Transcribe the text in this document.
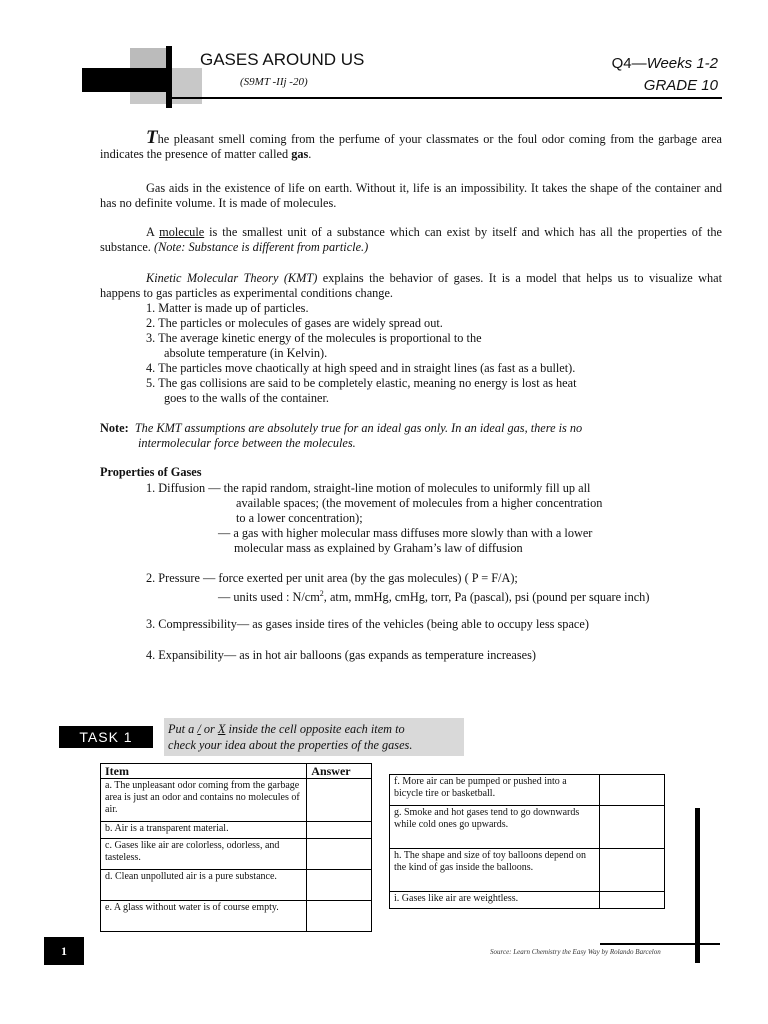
GASES AROUND US
(S9MT -IIj -20)
Q4—Weeks 1-2
GRADE 10

The pleasant smell coming from the perfume of your classmates or the foul odor coming from the garbage area indicates the presence of matter called gas.

Gas aids in the existence of life on earth. Without it, life is an impossibility. It takes the shape of the container and has no definite volume. It is made of molecules.

A molecule is the smallest unit of a substance which can exist by itself and which has all the properties of the substance. (Note: Substance is different from particle.)

Kinetic Molecular Theory (KMT) explains the behavior of gases. It is a model that helps us to visualize what happens to gas particles as experimental conditions change.

1. Matter is made up of particles.
2. The particles or molecules of gases are widely spread out.
3. The average kinetic energy of the molecules is proportional to the
absolute temperature (in Kelvin).
4. The particles move chaotically at high speed and in straight lines (as fast as a bullet).
5. The gas collisions are said to be completely elastic, meaning no energy is lost as heat
goes to the walls of the container.
Note: The KMT assumptions are absolutely true for an ideal gas only. In an ideal gas, there is no
intermolecular force between the molecules.
Properties of Gases
1. Diffusion — the rapid random, straight-line motion of molecules to uniformly fill up all
available spaces; (the movement of molecules from a higher concentration
to a lower concentration);
— a gas with higher molecular mass diffuses more slowly than with a lower
molecular mass as explained by Graham’s law of diffusion
2. Pressure — force exerted per unit area (by the gas molecules) ( P = F/A);
— units used : $N/cm^2$, atm, mmHg, cmHg, torr, Pa (pascal), psi (pound per square inch)
3. Compressibility— as gases inside tires of the vehicles (being able to occupy less space)
4. Expansibility— as in hot air balloons (gas expands as temperature increases)
TASK 1	Put a / or X inside the cell opposite each item to
check your idea about the properties of the gases.
Item	Answer
a. The unpleasant odor coming from the garbage area is just an odor and contains no molecules of air.	
b. Air is a transparent material.	
c. Gases like air are colorless, odorless, and tasteless.	
d. Clean unpolluted air is a pure substance.	
e. A glass without water is of course empty.	
f. More air can be pumped or pushed into a bicycle tire or basketball.	
g. Smoke and hot gases tend to go downwards while cold ones go upwards.	
h. The shape and size of toy balloons depend on the kind of gas inside the balloons.	
i. Gases like air are weightless.	
Source: Learn Chemistry the Easy Way by Rolando Barcelon
1
